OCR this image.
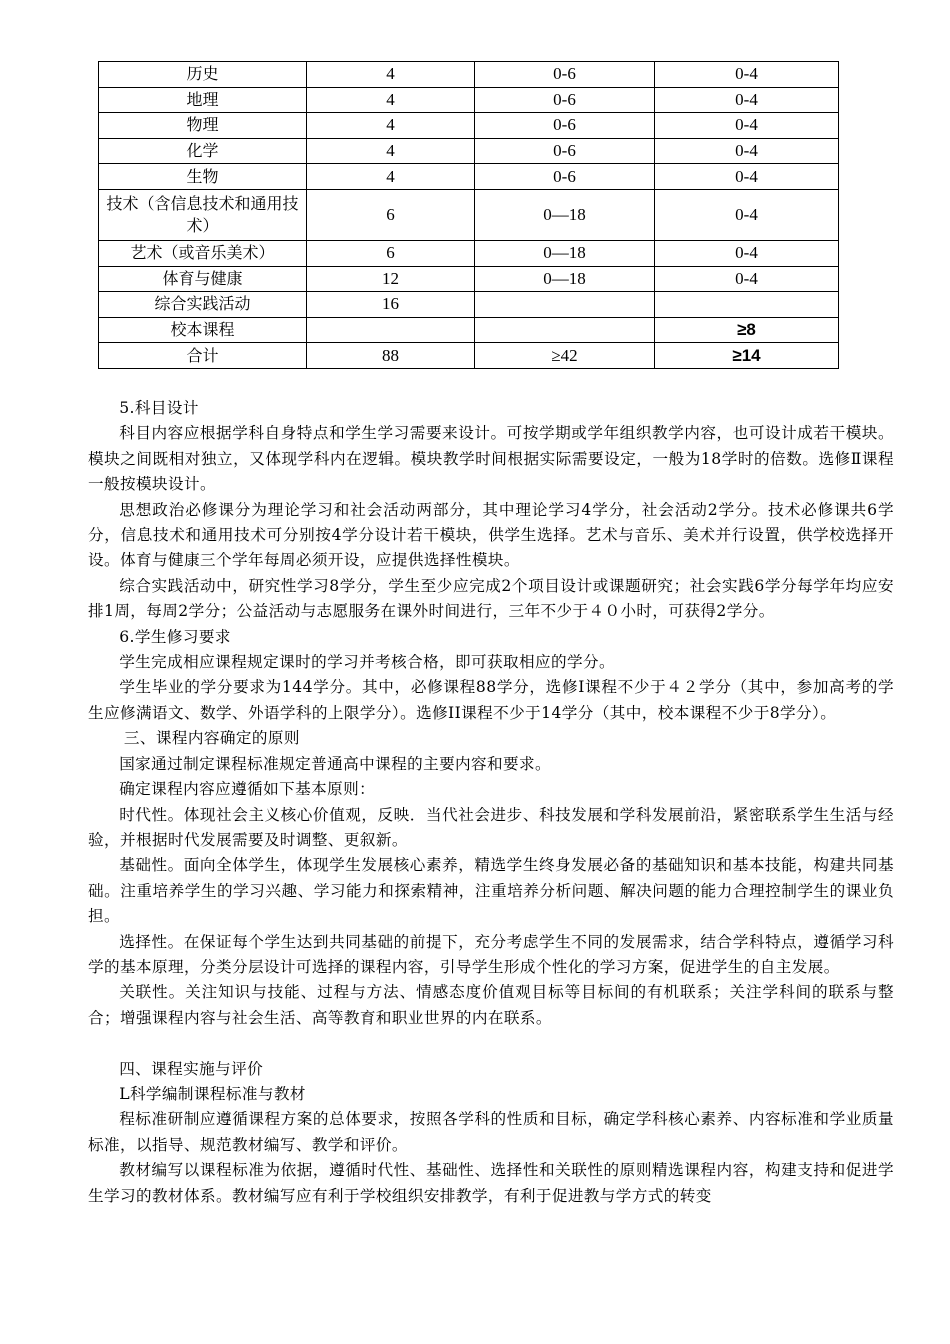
历史	4	0-6	0-4
地理	4	0-6	0-4
物理	4	0-6	0-4
化学	4	0-6	0-4
生物	4	0-6	0-4
技术（含信息技术和通用技术）	6	0—18	0-4
艺术（或音乐美术）	6	0—18	0-4
体育与健康	12	0—18	0-4
综合实践活动	16		
校本课程			≥8
合计	88	≥42	≥14

5.科目设计

科目内容应根据学科自身特点和学生学习需要来设计。可按学期或学年组织教学内容，也可设计成若干模块。模块之间既相对独立，又体现学科内在逻辑。模块教学时间根据实际需要设定，一般为18学时的倍数。选修Ⅱ课程一般按模块设计。

思想政治必修课分为理论学习和社会活动两部分，其中理论学习4学分，社会活动2学分。技术必修课共6学分，信息技术和通用技术可分别按4学分设计若干模块，供学生选择。艺术与音乐、美术并行设置，供学校选择开设。体育与健康三个学年每周必须开设，应提供选择性模块。

综合实践活动中，研究性学习8学分，学生至少应完成2个项目设计或课题研究；社会实践6学分每学年均应安排1周，每周2学分；公益活动与志愿服务在课外时间进行，三年不少于４０小时，可获得2学分。

6.学生修习要求

学生完成相应课程规定课时的学习并考核合格，即可获取相应的学分。

学生毕业的学分要求为144学分。其中，必修课程88学分，选修I课程不少于４２学分（其中，参加高考的学生应修满语文、数学、外语学科的上限学分）。选修II课程不少于14学分（其中，校本课程不少于8学分）。

三、课程内容确定的原则

国家通过制定课程标准规定普通高中课程的主要内容和要求。

确定课程内容应遵循如下基本原则：

时代性。体现社会主义核心价值观，反映．当代社会进步、科技发展和学科发展前沿，紧密联系学生生活与经验，并根据时代发展需要及时调整、更叙新。

基础性。面向全体学生，体现学生发展核心素养，精选学生终身发展必备的基础知识和基本技能，构建共同基础。注重培养学生的学习兴趣、学习能力和探索精神，注重培养分析问题、解决问题的能力合理控制学生的课业负担。

选择性。在保证每个学生达到共同基础的前提下，充分考虑学生不同的发展需求，结合学科特点，遵循学习科学的基本原理，分类分层设计可选择的课程内容，引导学生形成个性化的学习方案，促进学生的自主发展。

关联性。关注知识与技能、过程与方法、情感态度价值观目标等目标间的有机联系；关注学科间的联系与整合；增强课程内容与社会生活、高等教育和职业世界的内在联系。

四、课程实施与评价

L科学编制课程标准与教材

程标准研制应遵循课程方案的总体要求，按照各学科的性质和目标，确定学科核心素养、内容标准和学业质量标准，以指导、规范教材编写、教学和评价。

教材编写以课程标准为依据，遵循时代性、基础性、选择性和关联性的原则精选课程内容，构建支持和促进学生学习的教材体系。教材编写应有利于学校组织安排教学，有利于促进教与学方式的转变
